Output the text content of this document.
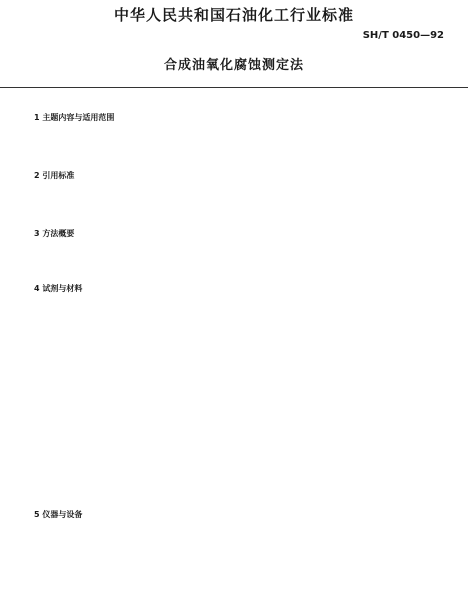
中华人民共和国石油化工行业标准
SH/T 0450—92
合成油氧化腐蚀测定法
1 主题内容与适用范围
2 引用标准
3 方法概要
4 试剂与材料
5 仪器与设备
